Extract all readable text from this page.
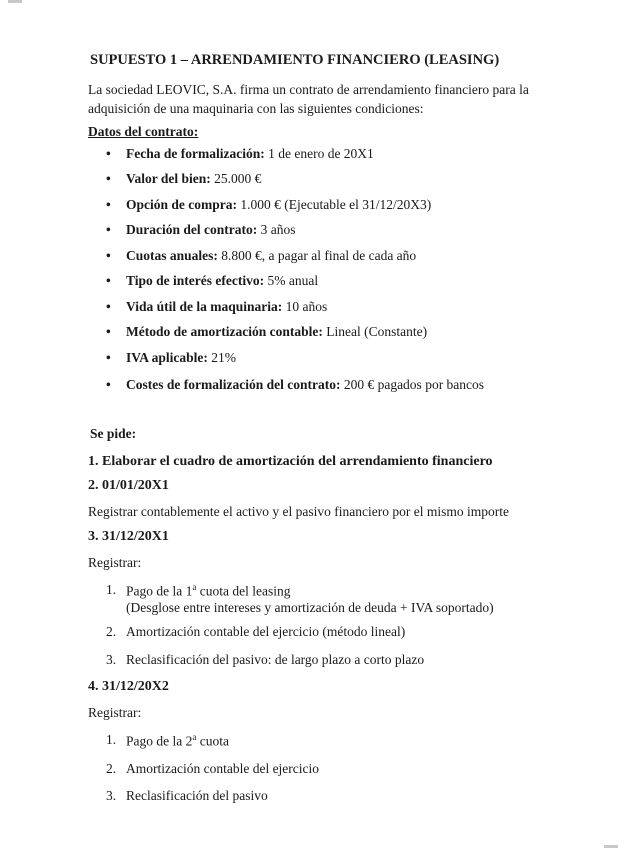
SUPUESTO 1 – ARRENDAMIENTO FINANCIERO (LEASING)
La sociedad LEOVIC, S.A. firma un contrato de arrendamiento financiero para la
adquisición de una maquinaria con las siguientes condiciones:
Datos del contrato:
• Fecha de formalización: 1 de enero de 20X1
• Valor del bien: 25.000 €
• Opción de compra: 1.000 € (Ejecutable el 31/12/20X3)
• Duración del contrato: 3 años
• Cuotas anuales: 8.800 €, a pagar al final de cada año
• Tipo de interés efectivo: 5% anual
• Vida útil de la maquinaria: 10 años
• Método de amortización contable: Lineal (Constante)
• IVA aplicable: 21%
• Costes de formalización del contrato: 200 € pagados por bancos
Se pide:
1. Elaborar el cuadro de amortización del arrendamiento financiero
2. 01/01/20X1
Registrar contablemente el activo y el pasivo financiero por el mismo importe
3. 31/12/20X1
Registrar:
1. Pago de la 1$^a$ cuota del leasing
(Desglose entre intereses y amortización de deuda + IVA soportado)
2. Amortización contable del ejercicio (método lineal)
3. Reclasificación del pasivo: de largo plazo a corto plazo
4. 31/12/20X2
Registrar:
1. Pago de la 2$^a$ cuota
2. Amortización contable del ejercicio
3. Reclasificación del pasivo
